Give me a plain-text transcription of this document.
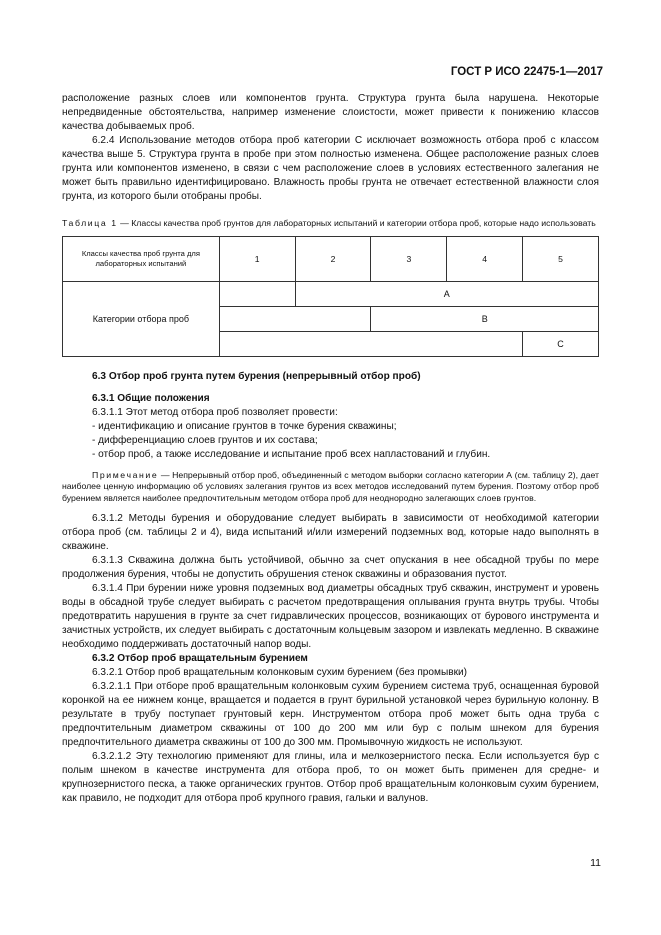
ГОСТ Р ИСО 22475-1—2017

расположение разных слоев или компонентов грунта. Структура грунта была нарушена. Некоторые непредвиденные обстоятельства, например изменение слоистости, может привести к понижению классов качества добываемых проб.

6.2.4 Использование методов отбора проб категории С исключает возможность отбора проб с классом качества выше 5. Структура грунта в пробе при этом полностью изменена. Общее расположение разных слоев грунта или компонентов изменено, в связи с чем расположение слоев в условиях естественного залегания не может быть правильно идентифицировано. Влажность пробы грунта не отвечает естественной влажности слоя грунта, из которого были отобраны пробы.

Таблица 1 — Классы качества проб грунтов для лабораторных испытаний и категории отбора проб, которые надо использовать

Классы качества проб грунта для лабораторных испытаний	1	2	3	4	5
Категории отбора проб		A			
			B		
					C
6.3 Отбор проб грунта путем бурения (непрерывный отбор проб)
6.3.1 Общие положения

6.3.1.1 Этот метод отбора проб позволяет провести:

- идентификацию и описание грунтов в точке бурения скважины;

- дифференциацию слоев грунтов и их состава;

- отбор проб, а также исследование и испытание проб всех напластований и глубин.

Примечание — Непрерывный отбор проб, объединенный с методом выборки согласно категории А (см. таблицу 2), дает наиболее ценную информацию об условиях залегания грунтов из всех методов исследований путем бурения. Поэтому отбор проб бурением является наиболее предпочтительным методом отбора проб для неоднородно залегающих слоев грунтов.

6.3.1.2 Методы бурения и оборудование следует выбирать в зависимости от необходимой категории отбора проб (см. таблицы 2 и 4), вида испытаний и/или измерений подземных вод, которые надо выполнять в скважине.

6.3.1.3 Скважина должна быть устойчивой, обычно за счет опускания в нее обсадной трубы по мере продолжения бурения, чтобы не допустить обрушения стенок скважины и образования пустот.

6.3.1.4 При бурении ниже уровня подземных вод диаметры обсадных труб скважин, инструмент и уровень воды в обсадной трубе следует выбирать с расчетом предотвращения оплывания грунта внутрь трубы. Чтобы предотвратить нарушения в грунте за счет гидравлических процессов, возникающих от бурового инструмента и зачистных устройств, их следует выбирать с достаточным кольцевым зазором и извлекать медленно. В скважине необходимо поддерживать достаточный напор воды.

6.3.2 Отбор проб вращательным бурением

6.3.2.1 Отбор проб вращательным колонковым сухим бурением (без промывки)

6.3.2.1.1 При отборе проб вращательным колонковым сухим бурением система труб, оснащенная буровой коронкой на ее нижнем конце, вращается и подается в грунт бурильной установкой через бурильную колонну. В результате в трубу поступает грунтовый керн. Инструментом отбора проб может быть одна труба с предпочтительным диаметром скважины от 100 до 200 мм или бур с полым шнеком для бурения предпочтительного диаметра скважины от 100 до 300 мм. Промывочную жидкость не используют.

6.3.2.1.2 Эту технологию применяют для глины, ила и мелкозернистого песка. Если используется бур с полым шнеком в качестве инструмента для отбора проб, то он может быть применен для средне- и крупнозернистого песка, а также органических грунтов. Отбор проб вращательным колонковым сухим бурением, как правило, не подходит для отбора проб крупного гравия, гальки и валунов.

11
